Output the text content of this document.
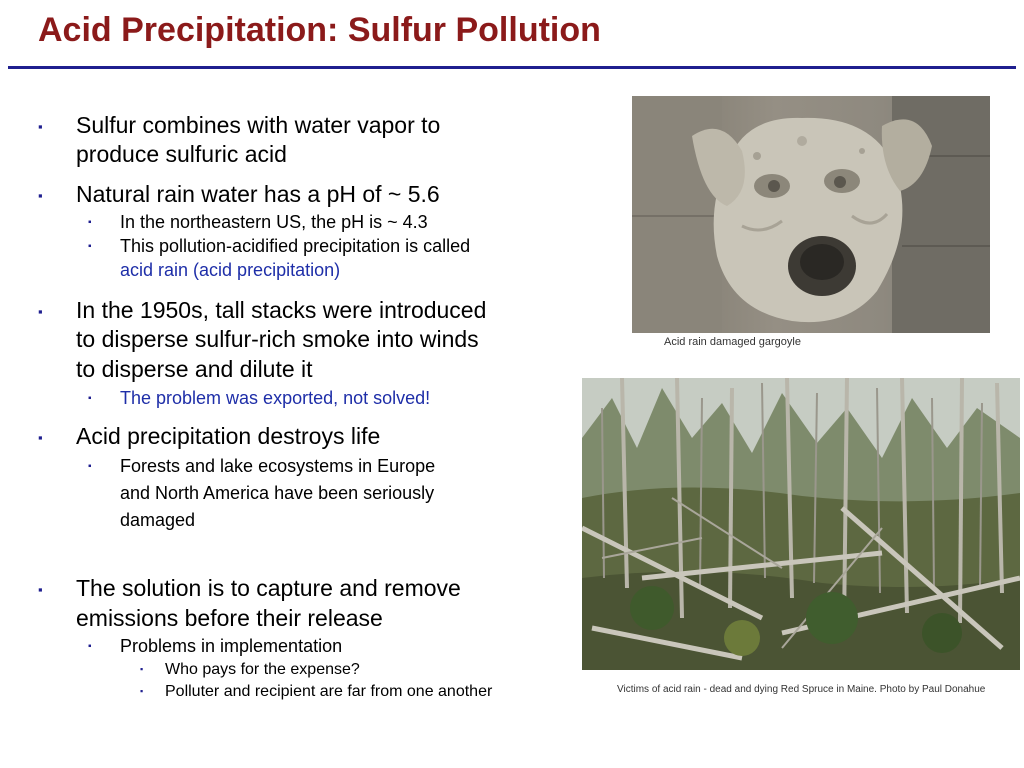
Acid Precipitation: Sulfur Pollution
▪	Sulfur combines with water vapor to
produce sulfuric acid
▪	Natural rain water has a pH of ~ 5.6
▪	In the northeastern US, the pH is ~ 4.3
▪	This pollution-acidified precipitation is called
acid rain (acid precipitation)
▪	In the 1950s, tall stacks were introduced
to disperse sulfur-rich smoke into winds
to disperse and dilute it
▪	The problem was exported, not solved!
▪	Acid precipitation destroys life
▪	Forests and lake ecosystems in Europe
and North America have been seriously
damaged
▪	The solution is to capture and remove
emissions before their release
▪	Problems in implementation
▪	Who pays for the expense?
▪	Polluter and recipient are far from one another
Acid rain damaged gargoyle
Victims of acid rain - dead and dying Red Spruce in Maine. Photo by Paul Donahue
